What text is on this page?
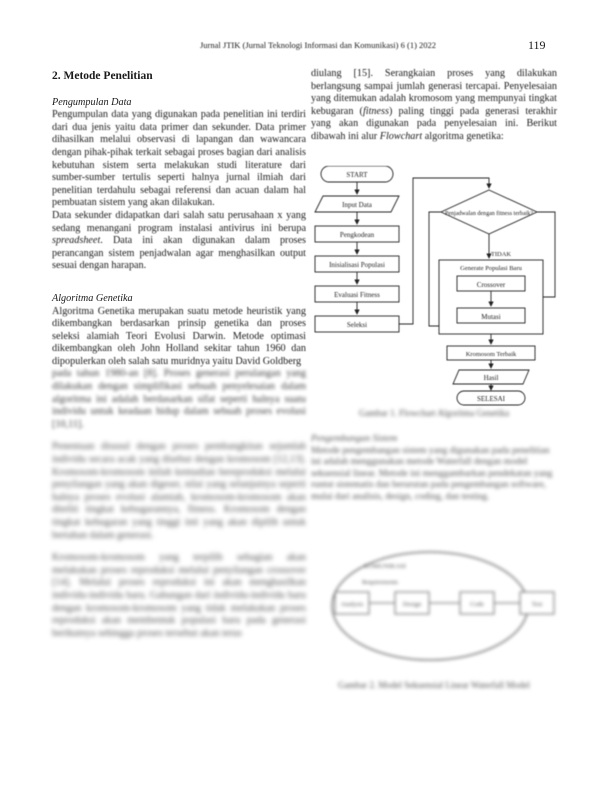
Jurnal JTIK (Jurnal Teknologi Informasi dan Komunikasi) 6 (1) 2022	119
2. Metode Penelitian

Pengumpulan Data

Pengumpulan data yang digunakan pada penelitian ini terdiri dari dua jenis yaitu data primer dan sekunder. Data primer dihasilkan melalui observasi di lapangan dan wawancara dengan pihak-pihak terkait sebagai proses bagian dari analisis kebutuhan sistem serta melakukan studi literature dari sumber-sumber tertulis seperti halnya jurnal ilmiah dari penelitian terdahulu sebagai referensi dan acuan dalam hal pembuatan sistem yang akan dilakukan.

Data sekunder didapatkan dari salah satu perusahaan x yang sedang menangani program instalasi antivirus ini berupa spreadsheet. Data ini akan digunakan dalam proses perancangan sistem penjadwalan agar menghasilkan output sesuai dengan harapan.

Algoritma Genetika

Algoritma Genetika merupakan suatu metode heuristik yang dikembangkan berdasarkan prinsip genetika dan proses seleksi alamiah Teori Evolusi Darwin. Metode optimasi dikembangkan oleh John Holland sekitar tahun 1960 dan dipopulerkan oleh salah satu muridnya yaitu David Goldberg

pada tahun 1980-an [8]. Proses generasi perulangan yang dilakukan dengan simplifikasi sebuah penyelesaian dalam algoritma ini adalah berdasarkan sifat seperti halnya suatu individu untuk keadaan hidup dalam sebuah proses evolusi [10,11].

Penentuan disusul dengan proses pembangkitan sejumlah individu secara acak yang disebut dengan kromosom [12,13]. Kromosom-kromosom inilah kemudian bereproduksi melalui penyilangan yang akan digeser, nilai yang selanjutnya seperti halnya proses evolusi alamiah, kromosom-kromosom akan diteliti tingkat kebugarannya, fitness. Kromosom dengan tingkat kebugaran yang tinggi inti yang akan dipilih untuk bertahan dalam generasi.

Kromosom-kromosom yang terpilih sebagian akan melakukan proses reproduksi melalui penyilangan crossover [14]. Melalui proses reproduksi ini akan menghasilkan individu-individu baru. Gabungan dari individu-individu baru dengan kromosom-kromosom yang tidak melakukan proses reproduksi akan membentuk populasi baru pada generasi berikutnya sehingga proses tersebut akan terus

diulang [15]. Serangkaian proses yang dilakukan berlangsung sampai jumlah generasi tercapai. Penyelesaian yang ditemukan adalah kromosom yang mempunyai tingkat kebugaran (fitness) paling tinggi pada generasi terakhir yang akan digunakan pada penyelesaian ini. Berikut dibawah ini alur Flowchart algoritma genetika:

START
Input Data
Pengkodean
Inisialisasi Populasi
Evaluasi Fitness
Seleksi
Penjadwalan dengan fitness terbaik?
TIDAK
Generate Populasi Baru
Crossover
Mutasi
Kromosom Terbaik
Hasil
SELESAI
Gambar 1. Flowchart Algoritma Genetika

Pengembangan Sistem

Metode pengembangan sistem yang digunakan pada penelitian ini adalah menggunakan metode Waterfall dengan model sekuensial linear. Metode ini menggambarkan pendekatan yang runtut sistematis dan berurutan pada pengembangan software, mulai dari analisis, design, coding, dan testing.

KOMUNIKASI
Requirements
Analysis	Design	Code	Test
Gambar 2. Model Sekuensial Linear Waterfall Model
